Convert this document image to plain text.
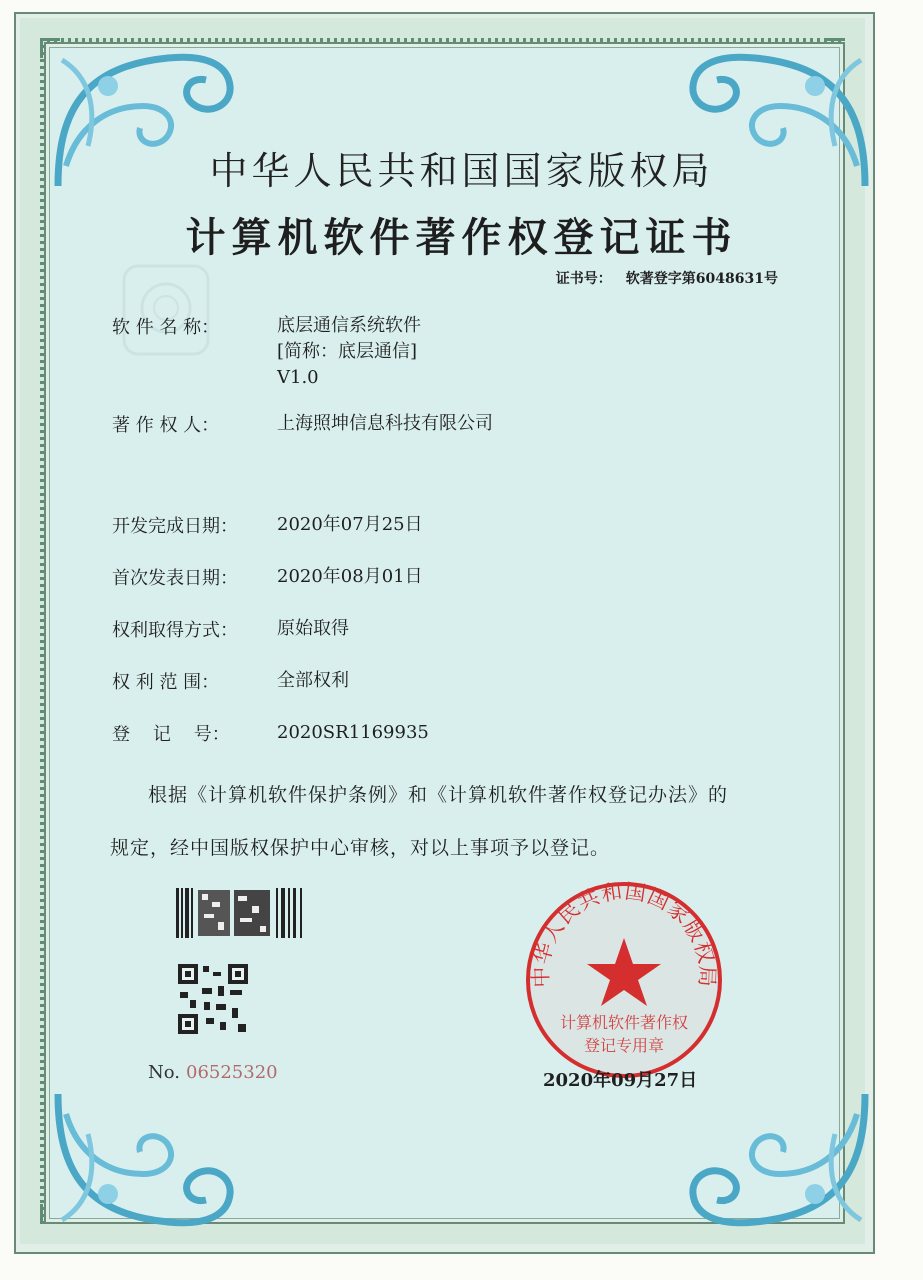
中华人民共和国国家版权局
计算机软件著作权登记证书
证书号： 软著登字第6048631号
软 件 名 称：	底层通信系统软件
[简称：底层通信]
V1.0
著 作 权 人：	上海照坤信息科技有限公司
开发完成日期：	2020年07月25日
首次发表日期：	2020年08月01日
权利取得方式：	原始取得
权 利 范 围：	全部权利
登    记    号：	2020SR1169935
根据《计算机软件保护条例》和《计算机软件著作权登记办法》的
规定，经中国版权保护中心审核，对以上事项予以登记。
No. 06525320
中华人民共和国国家版权局
计算机软件著作权
登记专用章
2020年09月27日
